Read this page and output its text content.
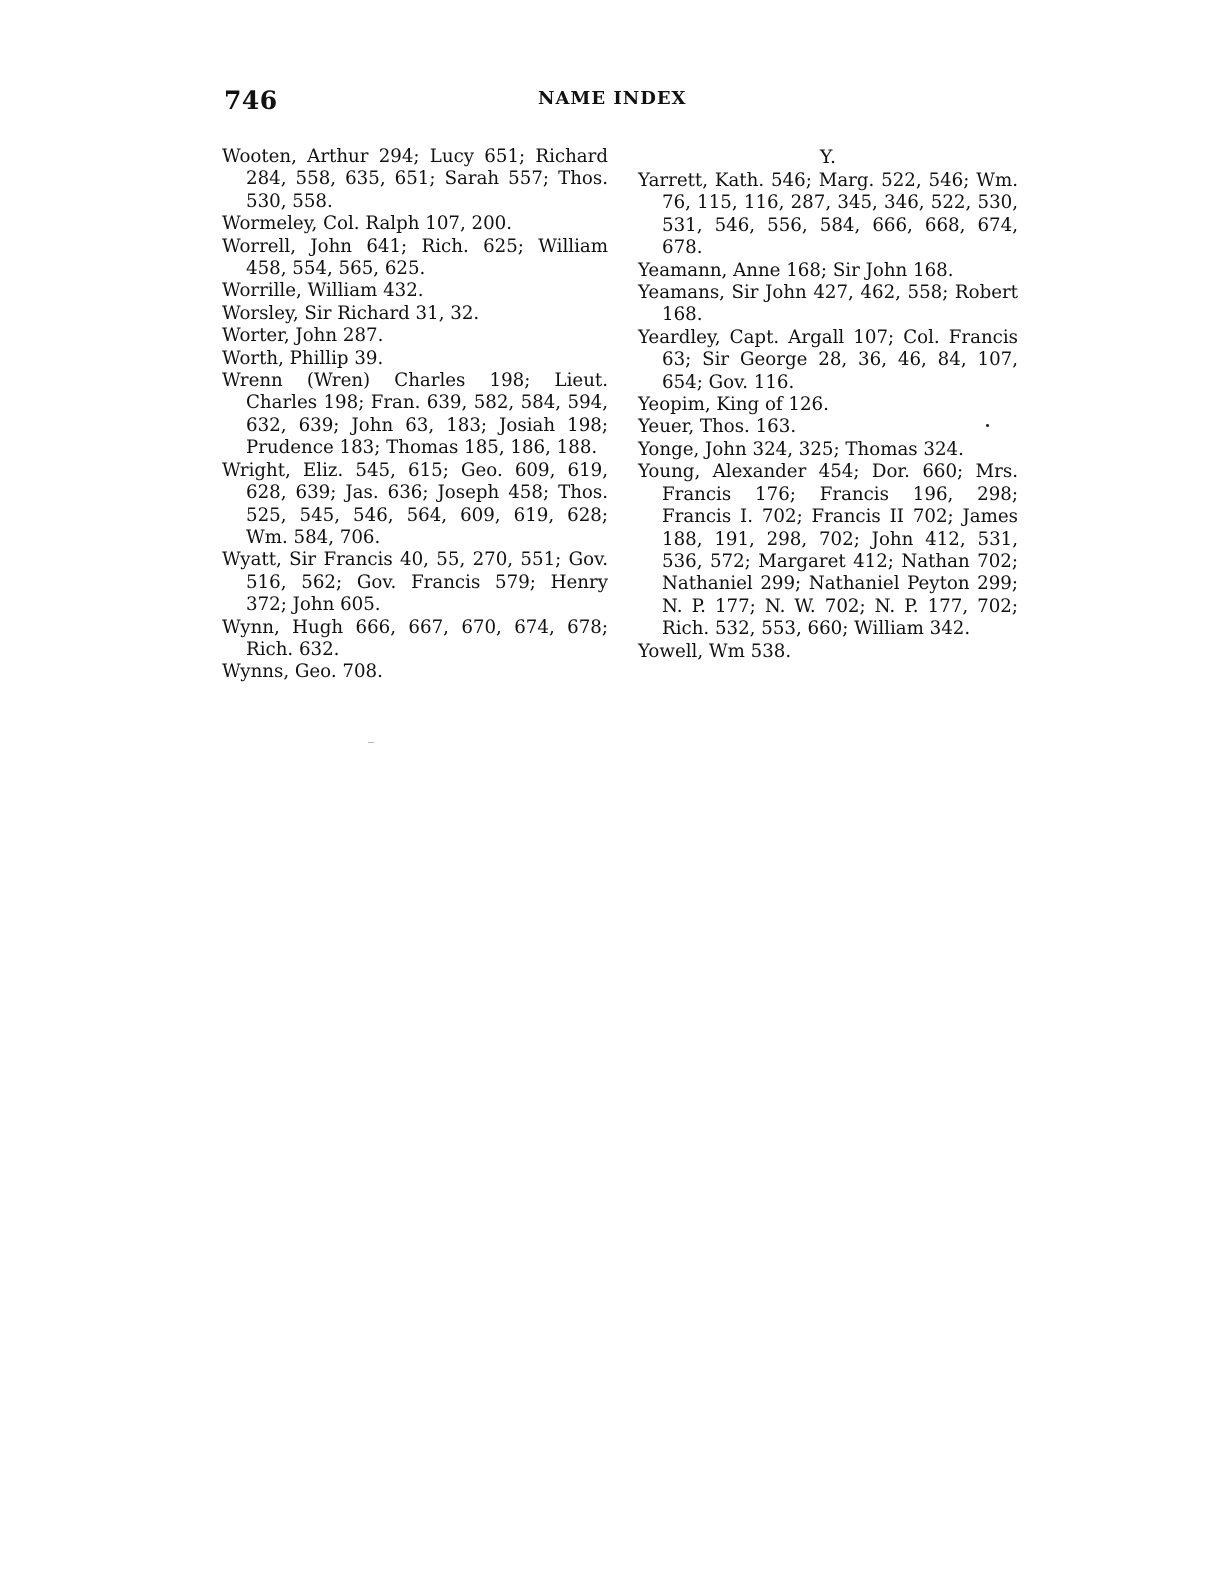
746	NAME INDEX

Wooten, Arthur 294; Lucy 651; Richard 284, 558, 635, 651; Sarah 557; Thos. 530, 558.

Wormeley, Col. Ralph 107, 200.

Worrell, John 641; Rich. 625; William 458, 554, 565, 625.

Worrille, William 432.

Worsley, Sir Richard 31, 32.

Worter, John 287.

Worth, Phillip 39.

Wrenn (Wren) Charles 198; Lieut. Charles 198; Fran. 639, 582, 584, 594, 632, 639; John 63, 183; Josiah 198; Prudence 183; Thomas 185, 186, 188.

Wright, Eliz. 545, 615; Geo. 609, 619, 628, 639; Jas. 636; Joseph 458; Thos. 525, 545, 546, 564, 609, 619, 628; Wm. 584, 706.

Wyatt, Sir Francis 40, 55, 270, 551; Gov. 516, 562; Gov. Francis 579; Henry 372; John 605.

Wynn, Hugh 666, 667, 670, 674, 678; Rich. 632.

Wynns, Geo. 708.

Y.

Yarrett, Kath. 546; Marg. 522, 546; Wm. 76, 115, 116, 287, 345, 346, 522, 530, 531, 546, 556, 584, 666, 668, 674, 678.

Yeamann, Anne 168; Sir John 168.

Yeamans, Sir John 427, 462, 558; Robert 168.

Yeardley, Capt. Argall 107; Col. Francis 63; Sir George 28, 36, 46, 84, 107, 654; Gov. 116.

Yeopim, King of 126.

Yeuer, Thos. 163.

Yonge, John 324, 325; Thomas 324.

Young, Alexander 454; Dor. 660; Mrs. Francis 176; Francis 196, 298; Francis I. 702; Francis II 702; James 188, 191, 298, 702; John 412, 531, 536, 572; Margaret 412; Nathan 702; Nathaniel 299; Nathaniel Peyton 299; N. P. 177; N. W. 702; N. P. 177, 702; Rich. 532, 553, 660; William 342.

Yowell, Wm 538.
